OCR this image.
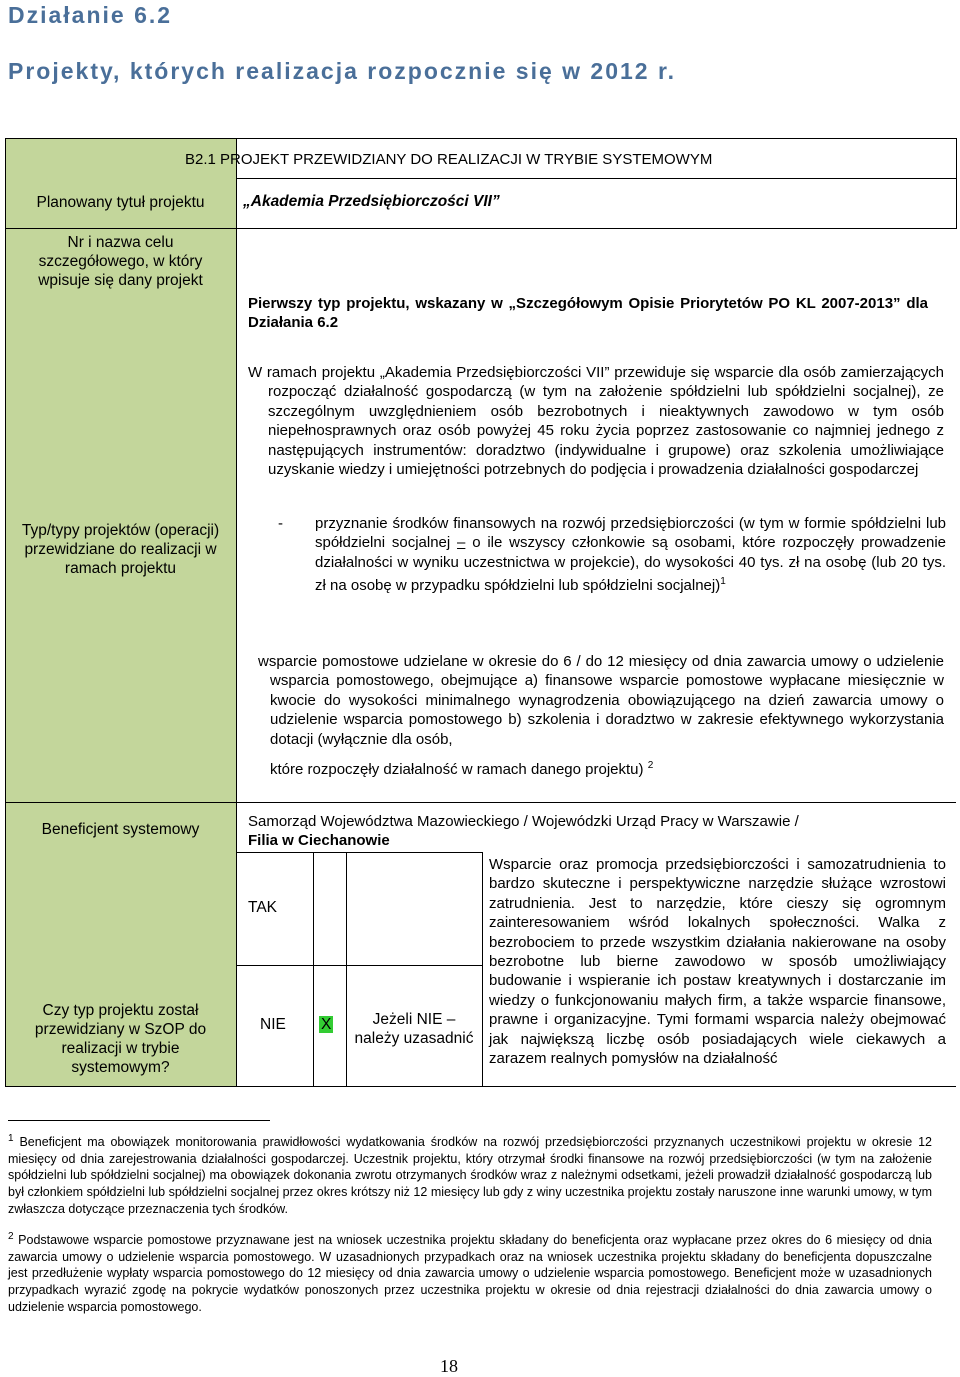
Działanie 6.2
Projekty, których realizacja rozpocznie się w 2012 r.
Planowany tytuł projektu
Nr i nazwa celu szczegółowego, w który wpisuje się dany projekt
Typ/typy projektów (operacji) przewidziane do realizacji w ramach projektu
Beneficjent systemowy
Czy typ projektu został przewidziany w SzOP do realizacji w trybie systemowym?
B2.1 PROJEKT PRZEWIDZIANY DO REALIZACJI W TRYBIE SYSTEMOWYM
„Akademia Przedsiębiorczości VII”
Pierwszy typ projektu, wskazany w „Szczegółowym Opisie Priorytetów PO KL 2007-2013” dla Działania 6.2
W ramach projektu „Akademia Przedsiębiorczości VII” przewiduje się wsparcie dla osób zamierzających rozpocząć działalność gospodarczą (w tym na założenie spółdzielni lub spółdzielni socjalnej), ze szczególnym uwzględnieniem osób bezrobotnych i nieaktywnych zawodowo w tym osób niepełnosprawnych oraz osób powyżej 45 roku życia poprzez zastosowanie co najmniej jednego z następujących instrumentów: doradztwo (indywidualne i grupowe) oraz szkolenia umożliwiające uzyskanie wiedzy i umiejętności potrzebnych do podjęcia i prowadzenia działalności gospodarczej
- przyznanie środków finansowych na rozwój przedsiębiorczości (w tym w formie spółdzielni lub spółdzielni socjalnej – o ile wszyscy członkowie są osobami, które rozpoczęły prowadzenie działalności w wyniku uczestnictwa w projekcie), do wysokości 40 tys. zł na osobę (lub 20 tys. zł na osobę w przypadku spółdzielni lub spółdzielni socjalnej)$^1$
wsparcie pomostowe udzielane w okresie do 6 / do 12 miesięcy od dnia zawarcia umowy o udzielenie wsparcia pomostowego, obejmujące a) finansowe wsparcie pomostowe wypłacane miesięcznie w kwocie do wysokości minimalnego wynagrodzenia obowiązującego na dzień zawarcia umowy o udzielenie wsparcia pomostowego b) szkolenia i doradztwo w zakresie efektywnego wykorzystania dotacji (wyłącznie dla osób,
które rozpoczęły działalność w ramach danego projektu) $^2$
Samorząd Województwa Mazowieckiego / Wojewódzki Urząd Pracy w Warszawie /
Filia w Ciechanowie
TAK
NIE X	Jeżeli NIE – należy uzasadnić
Wsparcie oraz promocja przedsiębiorczości i samozatrudnienia to bardzo skuteczne i perspektywiczne narzędzie służące wzrostowi zatrudnienia. Jest to narzędzie, które cieszy się ogromnym zainteresowaniem wśród lokalnych społeczności. Walka z bezrobociem to przede wszystkim działania nakierowane na osoby bezrobotne lub bierne zawodowo w sposób umożliwiający budowanie i wspieranie ich postaw kreatywnych i dostarczanie im wiedzy o funkcjonowaniu małych firm, a także wsparcie finansowe, prawne i organizacyjne. Tymi formami wsparcia należy obejmować jak największą liczbę osób posiadających wiele ciekawych a zarazem realnych pomysłów na działalność

$^1$ Beneficjent ma obowiązek monitorowania prawidłowości wydatkowania środków na rozwój przedsiębiorczości przyznanych uczestnikowi projektu w okresie 12 miesięcy od dnia zarejestrowania działalności gospodarczej. Uczestnik projektu, który otrzymał środki finansowe na rozwój przedsiębiorczości (w tym na założenie spółdzielni lub spółdzielni socjalnej) ma obowiązek dokonania zwrotu otrzymanych środków wraz z należnymi odsetkami, jeżeli prowadził działalność gospodarczą lub był członkiem spółdzielni lub spółdzielni socjalnej przez okres krótszy niż 12 miesięcy lub gdy z winy uczestnika projektu zostały naruszone inne warunki umowy, w tym zwłaszcza dotyczące przeznaczenia tych środków.

$^2$ Podstawowe wsparcie pomostowe przyznawane jest na wniosek uczestnika projektu składany do beneficjenta oraz wypłacane przez okres do 6 miesięcy od dnia zawarcia umowy o udzielenie wsparcia pomostowego. W uzasadnionych przypadkach oraz na wniosek uczestnika projektu składany do beneficjenta dopuszczalne jest przedłużenie wypłaty wsparcia pomostowego do 12 miesięcy od dnia zawarcia umowy o udzielenie wsparcia pomostowego. Beneficjent może w uzasadnionych przypadkach wyrazić zgodę na pokrycie wydatków ponoszonych przez uczestnika projektu w okresie od dnia rejestracji działalności do dnia zawarcia umowy o udzielenie wsparcia pomostowego.

18
